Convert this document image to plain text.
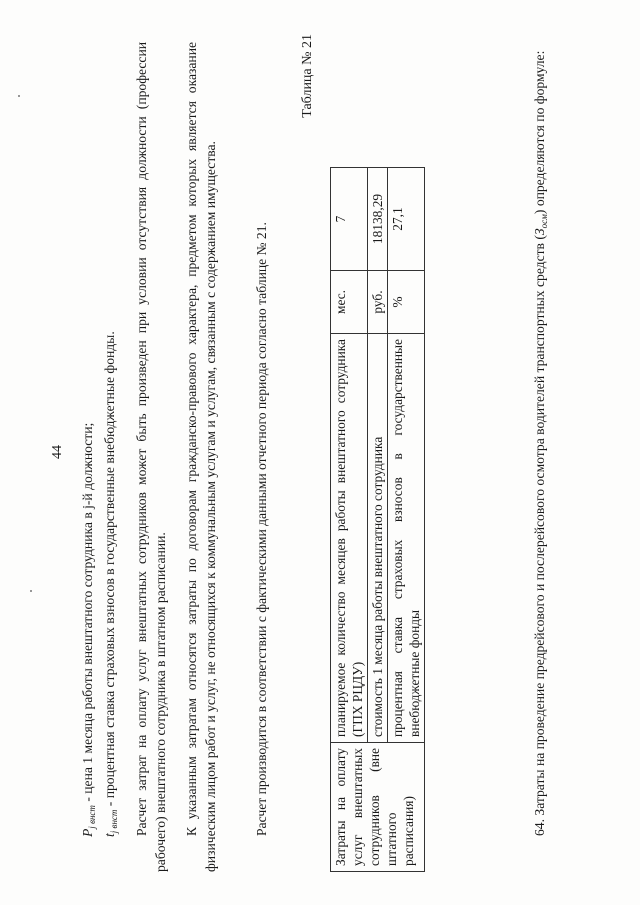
44

$P_{j внст}$ - цена 1 месяца работы внештатного сотрудника в j-й должности;

$t_{j внст}$ - процентная ставка страховых взносов в государственные внебюджетные фонды. Расчет затрат на оплату услуг внештатных сотрудников может быть произведен при условии отсутствия должности (профессии рабочего) внештатного сотрудника в штатном расписании. К указанным затратам относятся затраты по договорам гражданско-правового характера, предметом которых является оказание физическим лицом работ и услуг, не относящихся к коммунальным услугам и услугам, связанным с содержанием имущества.	Расчет производится в соответствии с фактическими данными отчетного периода согласно таблице № 21.

Таблица № 21
Затраты на оплату услуг внештатных сотрудников (вне штатного расписания)	планируемое количество месяцев работы внештатного сотрудника (ГПХ РЦДУ)	мес.	7
	стоимость 1 месяца работы внештатного сотрудника	руб.	18138,29
	процентная ставка страховых взносов в государственные внебюджетные фонды	%	27,1

64. Затраты на проведение предрейсового и послерейсового осмотра водителей транспортных средств $(З_{осм})$ определяются по формуле:
